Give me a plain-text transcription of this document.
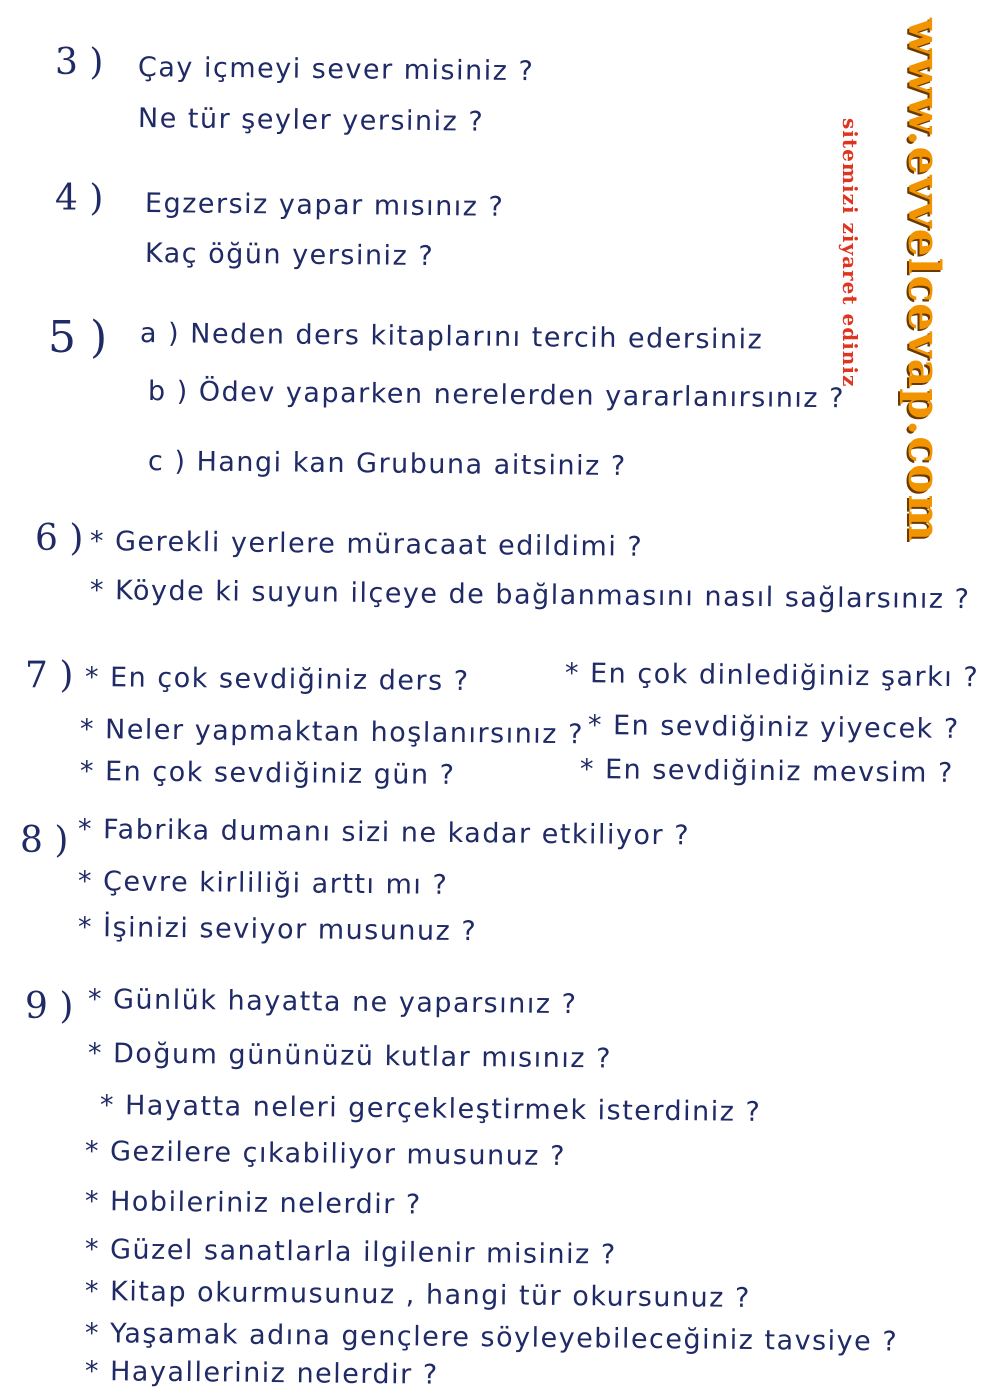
www.evvelcevap.com
sitemizi ziyaret ediniz
3 ) Çay içmeyi sever misiniz ?
Ne tür şeyler yersiniz ?
4 ) Egzersiz yapar mısınız ?
Kaç öğün yersiniz ?
5 ) a ) Neden ders kitaplarını tercih edersiniz
b ) Ödev yaparken nerelerden yararlanırsınız ?
c ) Hangi kan Grubuna aitsiniz ?
6 ) * Gerekli yerlere müracaat edildimi ?
* Köyde ki suyun ilçeye de bağlanmasını nasıl sağlarsınız ?
7 ) * En çok sevdiğiniz ders ?	* En çok dinlediğiniz şarkı ?
* Neler yapmaktan hoşlanırsınız ? * En sevdiğiniz yiyecek ?
* En çok sevdiğiniz gün ?	* En sevdiğiniz mevsim ?
8 ) * Fabrika dumanı sizi ne kadar etkiliyor ?
* Çevre kirliliği arttı mı ?
* İşinizi seviyor musunuz ?
9 ) * Günlük hayatta ne yaparsınız ?
* Doğum gününüzü kutlar mısınız ?
* Hayatta neleri gerçekleştirmek isterdiniz ?
* Gezilere çıkabiliyor musunuz ?
* Hobileriniz nelerdir ?
* Güzel sanatlarla ilgilenir misiniz ?
* Kitap okurmusunuz , hangi tür okursunuz ?
* Yaşamak adına gençlere söyleyebileceğiniz tavsiye ?
* Hayalleriniz nelerdir ?
